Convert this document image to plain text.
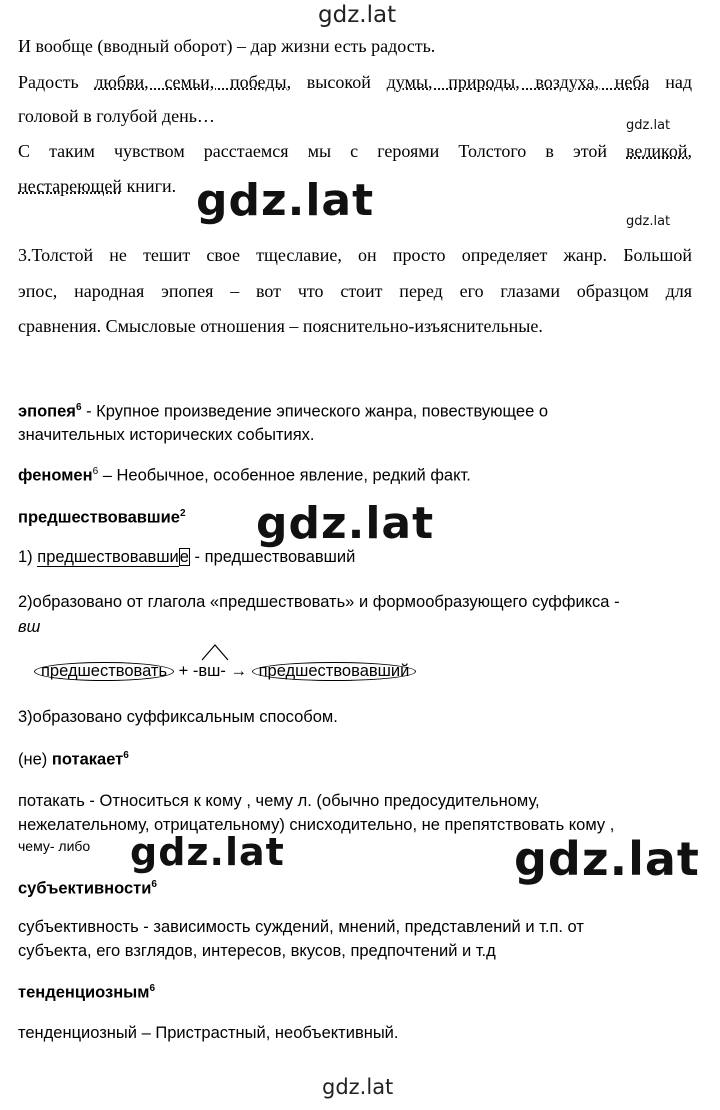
gdz.lat
gdz.lat
gdz.lat	gdz.lat
gdz.lat
gdz.lat	gdz.lat
gdz.lat
И вообще (вводный оборот) – дар жизни есть радость.
Радость любви, семьи, победы, высокой думы, природы, воздуха, неба над
головой в голубой день…
С таким чувством расстаемся мы с героями Толстого в этой великой,
нестареющей книги.
3.Толстой не тешит свое тщеславие, он просто определяет жанр. Большой
эпос, народная эпопея – вот что стоит перед его глазами образцом для
сравнения. Смысловые отношения – пояснительно-изъяснительные.
эпопея$^6$ - Крупное произведение эпического жанра, повествующее о
значительных исторических событиях.
феномен$^6$ – Необычное, особенное явление, редкий факт.
предшествовавшие$^2$
1) предшествовавшие - предшествовавший
2)образовано от глагола «предшествовать» и формообразующего суффикса -
вш
предшествовать + -вш- → предшествовавший
3)образовано суффиксальным способом.
(не) потакает$^6$
потакать - Относиться к кому , чему л. (обычно предосудительному,
нежелательному, отрицательному) снисходительно, не препятствовать кому ,
чему- либо
субъективности$^6$
субъективность - зависимость суждений, мнений, представлений и т.п. от
субъекта, его взглядов, интересов, вкусов, предпочтений и т.д
тенденциозным$^6$
тенденциозный – Пристрастный, необъективный.
